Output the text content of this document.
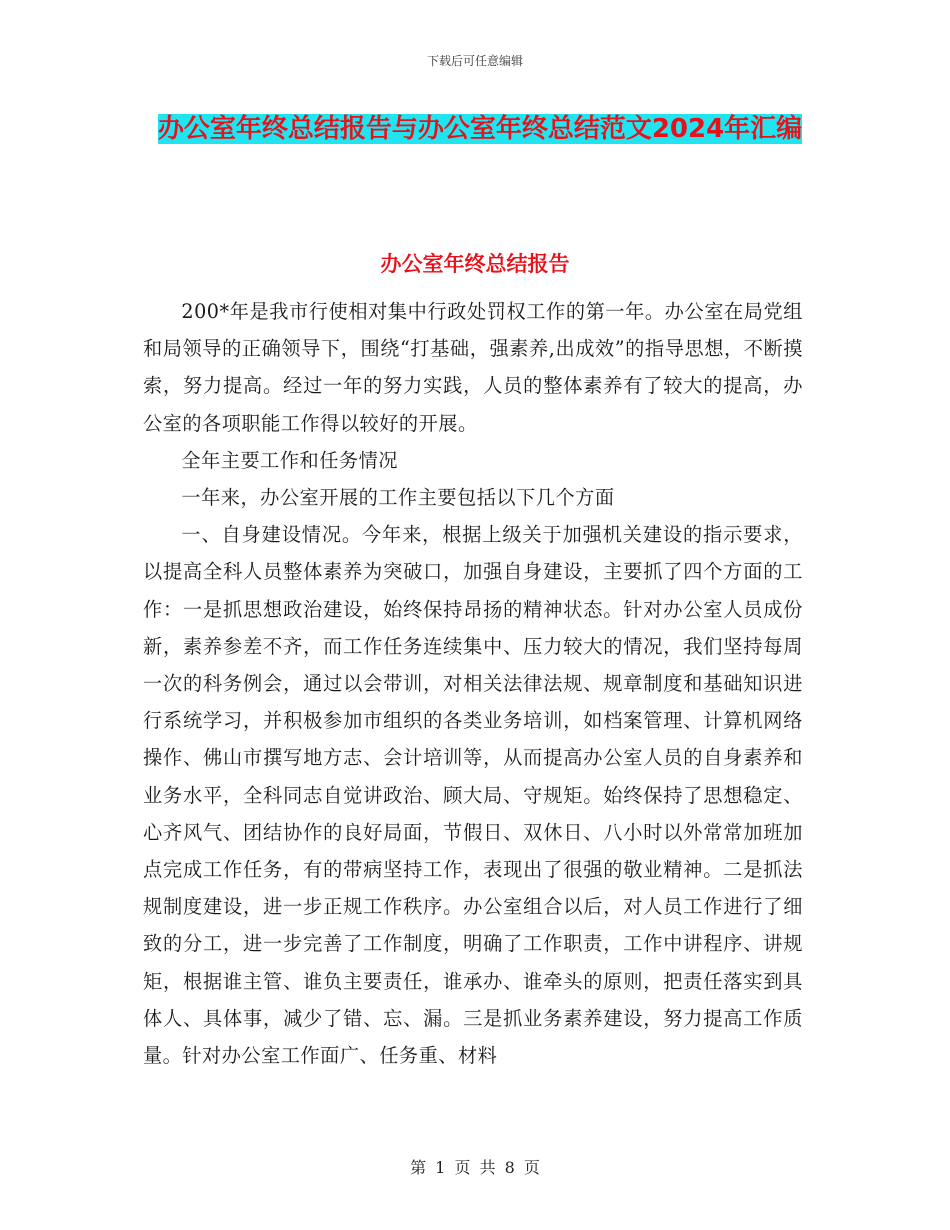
下载后可任意编辑
办公室年终总结报告与办公室年终总结范文2024年汇编
办公室年终总结报告

200*年是我市行使相对集中行政处罚权工作的第一年。办公室在局党组和局领导的正确领导下，围绕“打基础，强素养,出成效”的指导思想，不断摸索，努力提高。经过一年的努力实践，人员的整体素养有了较大的提高，办公室的各项职能工作得以较好的开展。

全年主要工作和任务情况

一年来，办公室开展的工作主要包括以下几个方面

一、自身建设情况。今年来，根据上级关于加强机关建设的指示要求，以提高全科人员整体素养为突破口，加强自身建设，主要抓了四个方面的工作：一是抓思想政治建设，始终保持昂扬的精神状态。针对办公室人员成份新，素养参差不齐，而工作任务连续集中、压力较大的情况，我们坚持每周一次的科务例会，通过以会带训，对相关法律法规、规章制度和基础知识进行系统学习，并积极参加市组织的各类业务培训，如档案管理、计算机网络操作、佛山市撰写地方志、会计培训等，从而提高办公室人员的自身素养和业务水平，全科同志自觉讲政治、顾大局、守规矩。始终保持了思想稳定、心齐风气、团结协作的良好局面，节假日、双休日、八小时以外常常加班加点完成工作任务，有的带病坚持工作，表现出了很强的敬业精神。二是抓法规制度建设，进一步正规工作秩序。办公室组合以后，对人员工作进行了细致的分工，进一步完善了工作制度，明确了工作职责，工作中讲程序、讲规矩，根据谁主管、谁负主要责任，谁承办、谁牵头的原则，把责任落实到具体人、具体事，减少了错、忘、漏。三是抓业务素养建设，努力提高工作质量。针对办公室工作面广、任务重、材料

第 1 页 共 8 页
